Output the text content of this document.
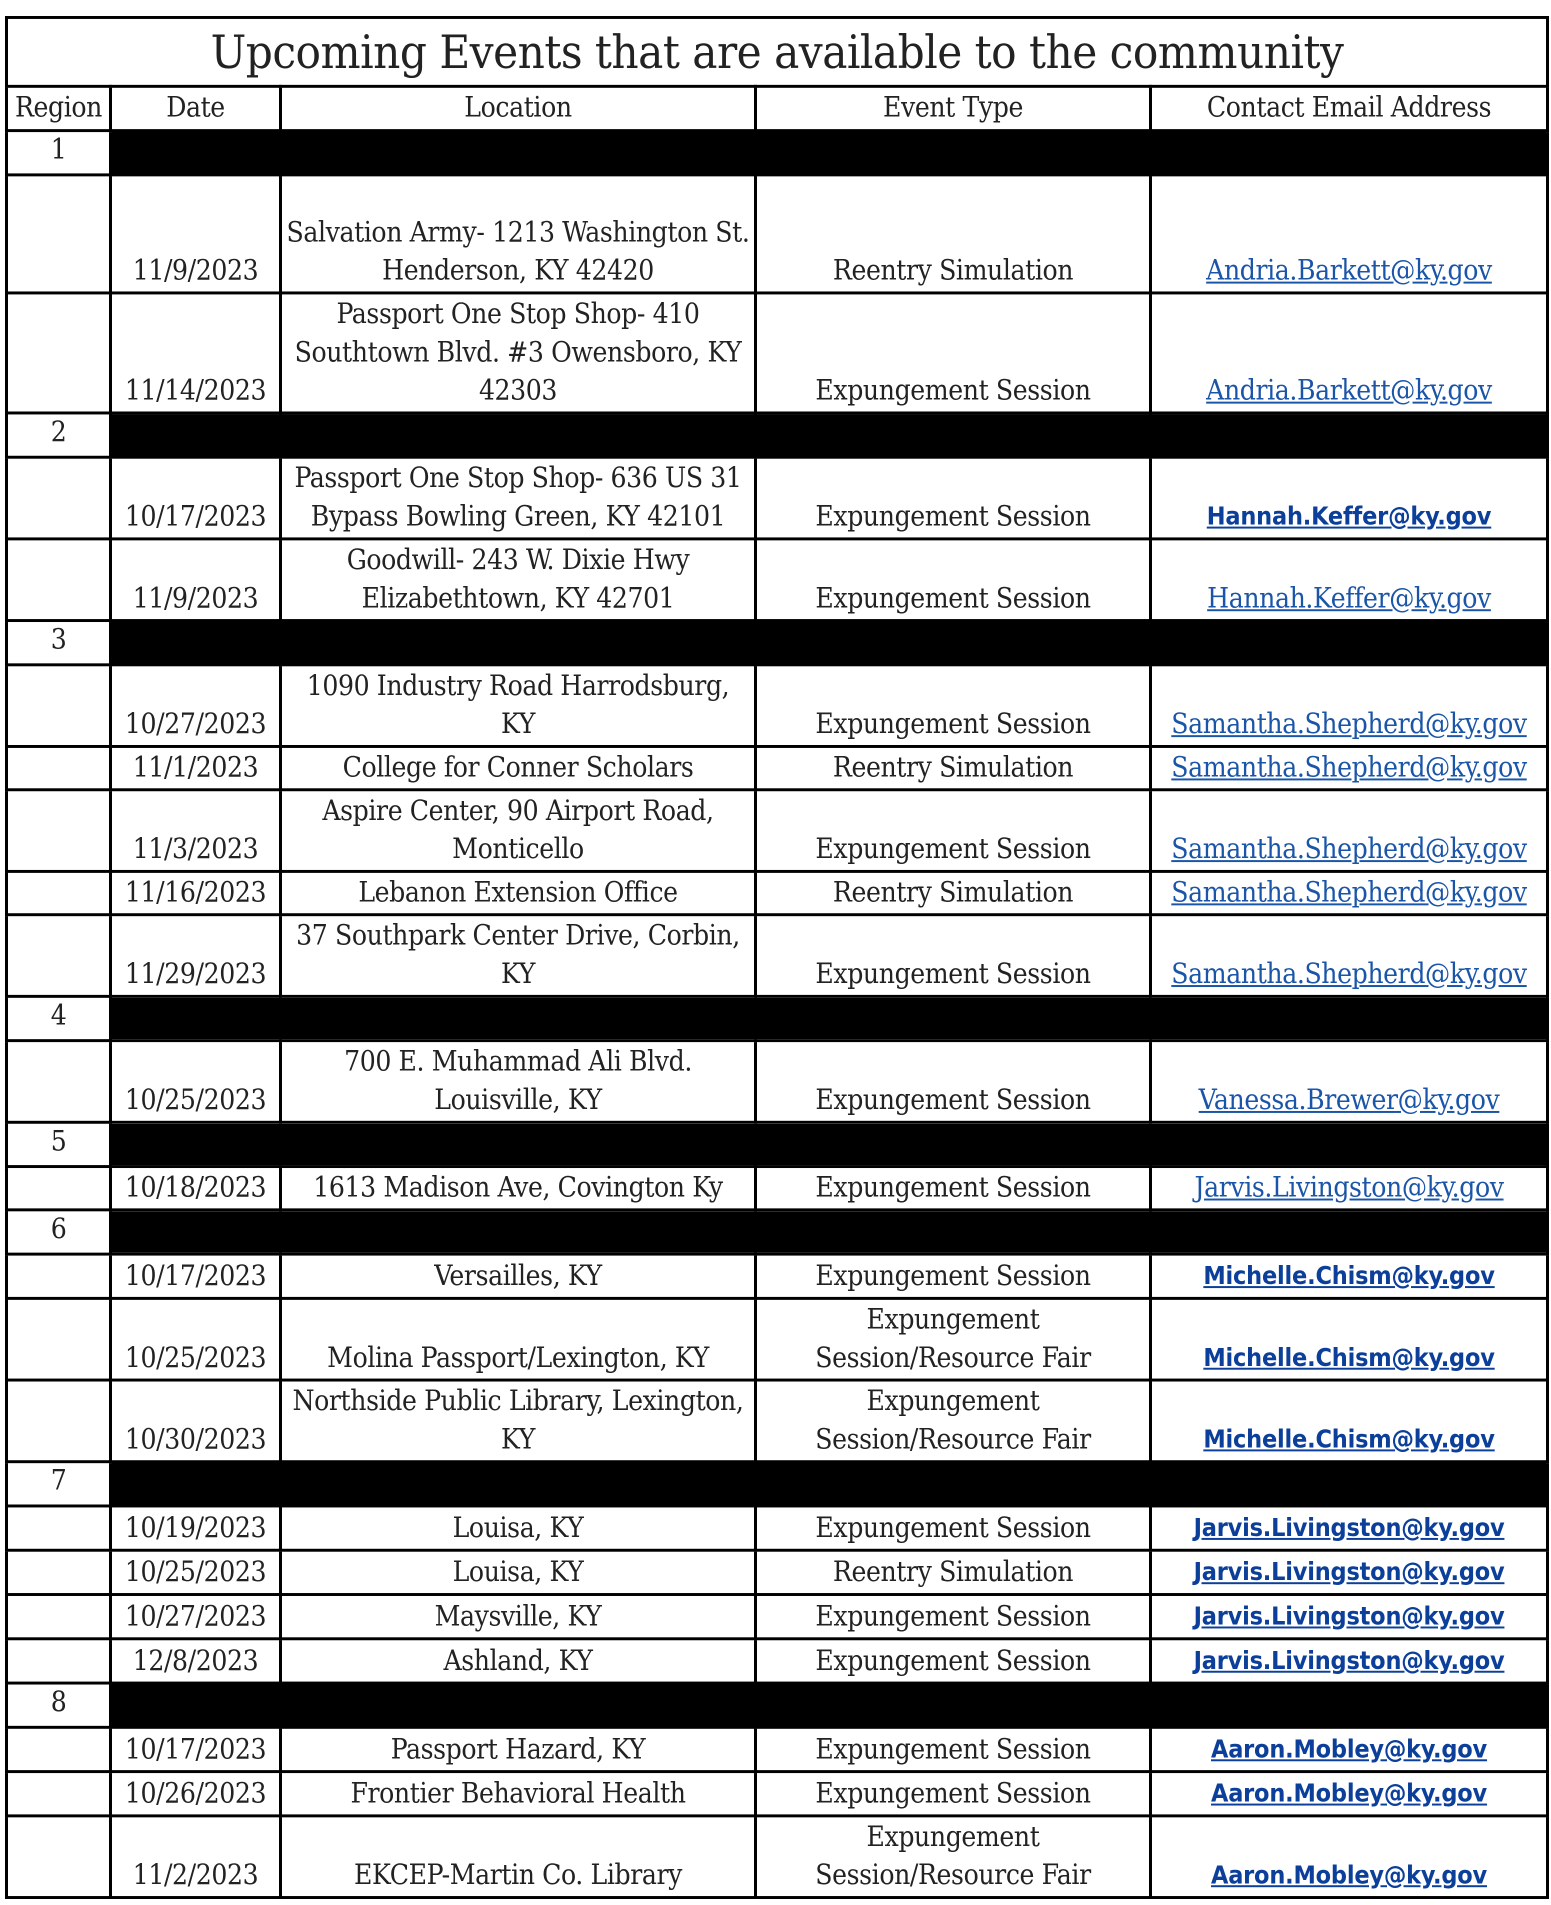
Upcoming Events that are available to the community				
Region	Date	Location	Event Type	Contact Email Address
1				
	11/9/2023	Salvation Army- 1213 Washington St. Henderson, KY 42420	Reentry Simulation	Andria.Barkett@ky.gov
	11/14/2023	Passport One Stop Shop- 410 Southtown Blvd. #3 Owensboro, KY 42303	Expungement Session	Andria.Barkett@ky.gov
2				
	10/17/2023	Passport One Stop Shop- 636 US 31 Bypass Bowling Green, KY 42101	Expungement Session	Hannah.Keffer@ky.gov
	11/9/2023	Goodwill- 243 W. Dixie Hwy Elizabethtown, KY 42701	Expungement Session	Hannah.Keffer@ky.gov
3				
	10/27/2023	1090 Industry Road Harrodsburg, KY	Expungement Session	Samantha.Shepherd@ky.gov
	11/1/2023	College for Conner Scholars	Reentry Simulation	Samantha.Shepherd@ky.gov
	11/3/2023	Aspire Center, 90 Airport Road, Monticello	Expungement Session	Samantha.Shepherd@ky.gov
	11/16/2023	Lebanon Extension Office	Reentry Simulation	Samantha.Shepherd@ky.gov
	11/29/2023	37 Southpark Center Drive, Corbin, KY	Expungement Session	Samantha.Shepherd@ky.gov
4				
	10/25/2023	700 E. Muhammad Ali Blvd. Louisville, KY	Expungement Session	Vanessa.Brewer@ky.gov
5				
	10/18/2023	1613 Madison Ave, Covington Ky	Expungement Session	Jarvis.Livingston@ky.gov
6				
	10/17/2023	Versailles, KY	Expungement Session	Michelle.Chism@ky.gov
	10/25/2023	Molina Passport/Lexington, KY	Expungement Session/Resource Fair	Michelle.Chism@ky.gov
	10/30/2023	Northside Public Library, Lexington, KY	Expungement Session/Resource Fair	Michelle.Chism@ky.gov
7				
	10/19/2023	Louisa, KY	Expungement Session	Jarvis.Livingston@ky.gov
	10/25/2023	Louisa, KY	Reentry Simulation	Jarvis.Livingston@ky.gov
	10/27/2023	Maysville, KY	Expungement Session	Jarvis.Livingston@ky.gov
	12/8/2023	Ashland, KY	Expungement Session	Jarvis.Livingston@ky.gov
8				
	10/17/2023	Passport Hazard, KY	Expungement Session	Aaron.Mobley@ky.gov
	10/26/2023	Frontier Behavioral Health	Expungement Session	Aaron.Mobley@ky.gov
	11/2/2023	EKCEP-Martin Co. Library	Expungement Session/Resource Fair	Aaron.Mobley@ky.gov
